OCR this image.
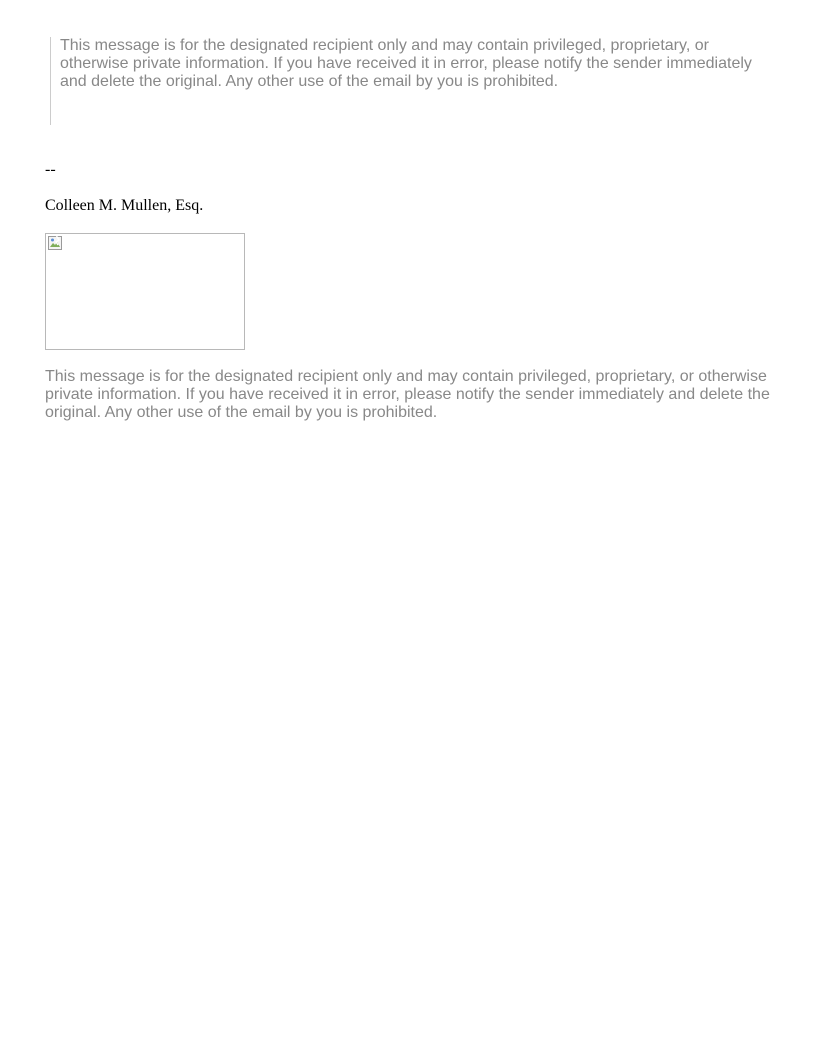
This message is for the designated recipient only and may contain privileged, proprietary, or otherwise private information. If you have received it in error, please notify the sender immediately and delete the original. Any other use of the email by you is prohibited.

--
Colleen M. Mullen, Esq.

This message is for the designated recipient only and may contain privileged, proprietary, or otherwise private information. If you have received it in error, please notify the sender immediately and delete the original. Any other use of the email by you is prohibited.
